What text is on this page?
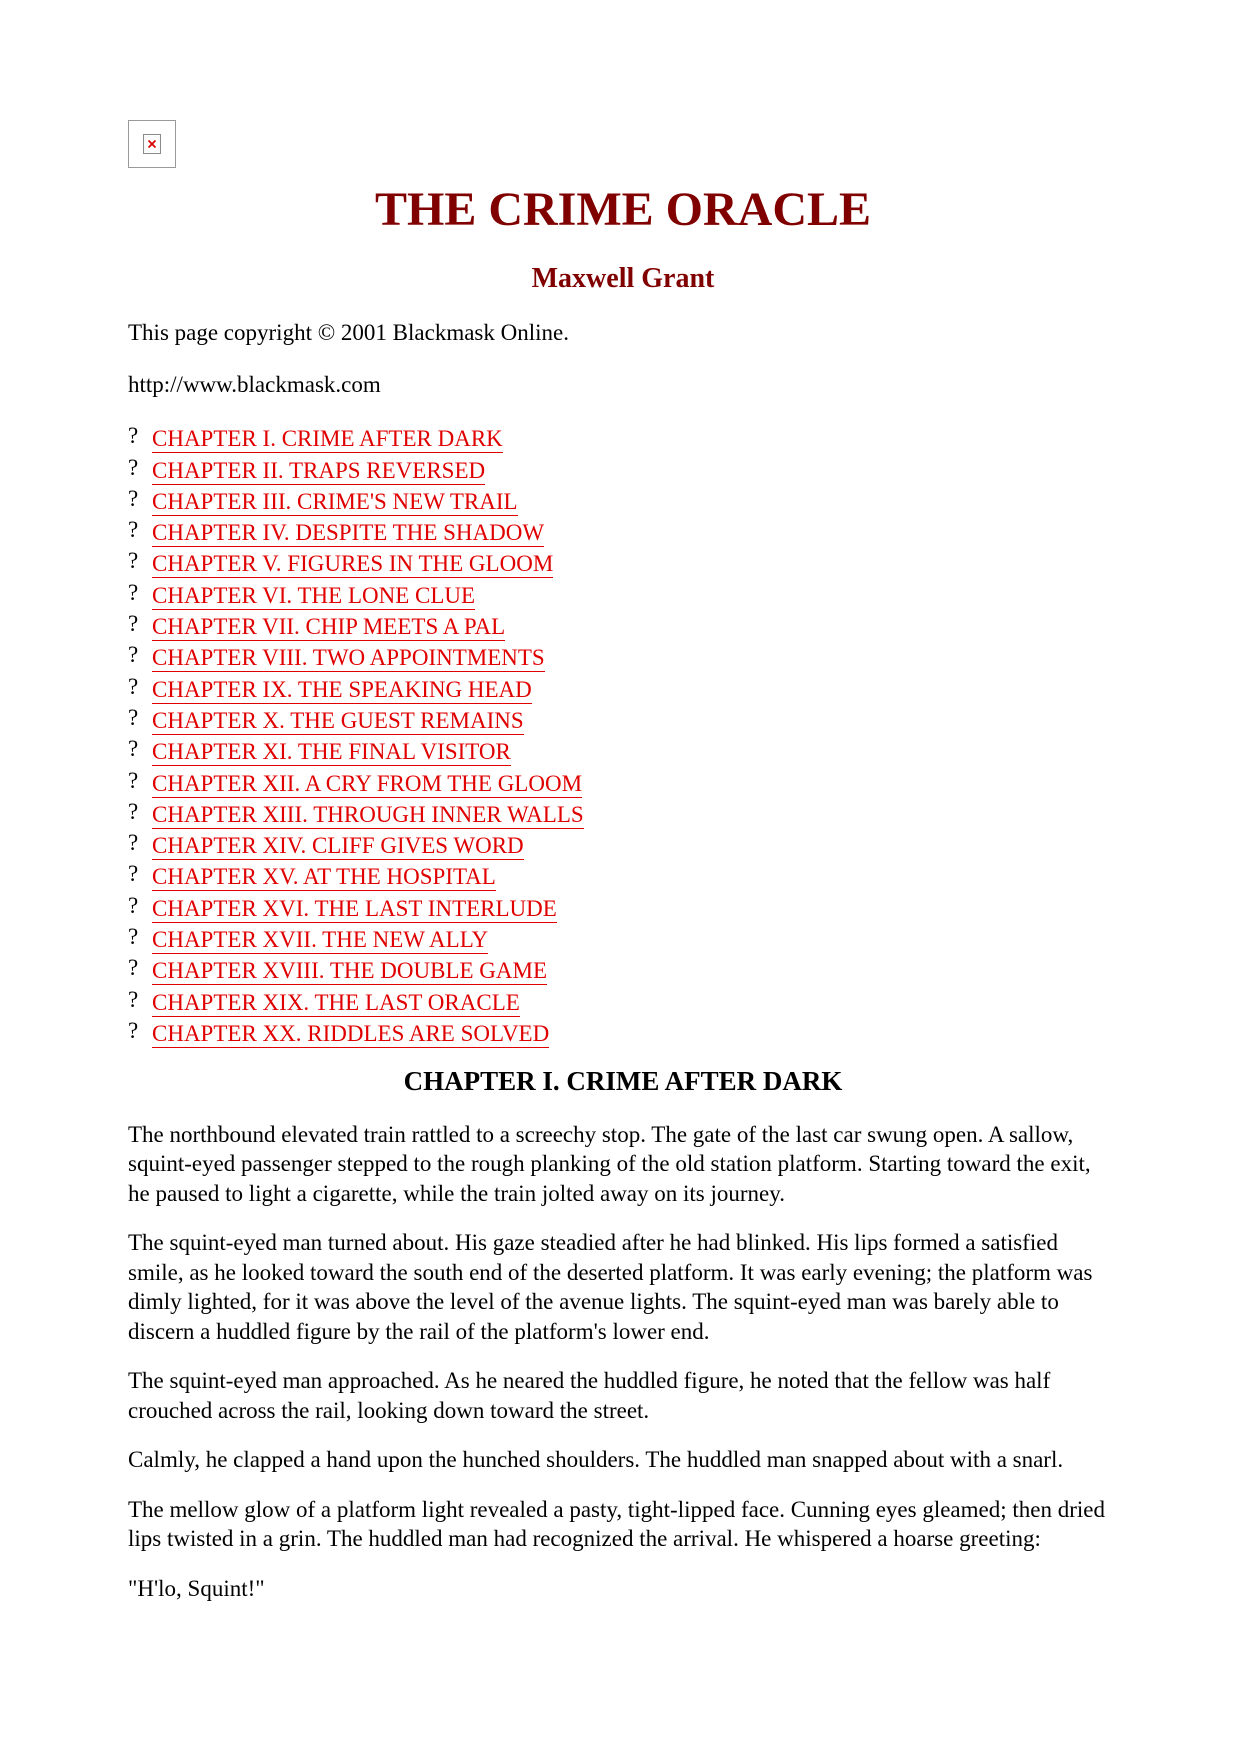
THE CRIME ORACLE
Maxwell Grant

This page copyright © 2001 Blackmask Online.

http://www.blackmask.com

? CHAPTER I. CRIME AFTER DARK
? CHAPTER II. TRAPS REVERSED
? CHAPTER III. CRIME'S NEW TRAIL
? CHAPTER IV. DESPITE THE SHADOW
? CHAPTER V. FIGURES IN THE GLOOM
? CHAPTER VI. THE LONE CLUE
? CHAPTER VII. CHIP MEETS A PAL
? CHAPTER VIII. TWO APPOINTMENTS
? CHAPTER IX. THE SPEAKING HEAD
? CHAPTER X. THE GUEST REMAINS
? CHAPTER XI. THE FINAL VISITOR
? CHAPTER XII. A CRY FROM THE GLOOM
? CHAPTER XIII. THROUGH INNER WALLS
? CHAPTER XIV. CLIFF GIVES WORD
? CHAPTER XV. AT THE HOSPITAL
? CHAPTER XVI. THE LAST INTERLUDE
? CHAPTER XVII. THE NEW ALLY
? CHAPTER XVIII. THE DOUBLE GAME
? CHAPTER XIX. THE LAST ORACLE
? CHAPTER XX. RIDDLES ARE SOLVED

CHAPTER I. CRIME AFTER DARK

The northbound elevated train rattled to a screechy stop. The gate of the last car swung open. A sallow, squint-eyed passenger stepped to the rough planking of the old station platform. Starting toward the exit, he paused to light a cigarette, while the train jolted away on its journey.

The squint-eyed man turned about. His gaze steadied after he had blinked. His lips formed a satisfied smile, as he looked toward the south end of the deserted platform. It was early evening; the platform was dimly lighted, for it was above the level of the avenue lights. The squint-eyed man was barely able to discern a huddled figure by the rail of the platform's lower end.

The squint-eyed man approached. As he neared the huddled figure, he noted that the fellow was half crouched across the rail, looking down toward the street.

Calmly, he clapped a hand upon the hunched shoulders. The huddled man snapped about with a snarl.

The mellow glow of a platform light revealed a pasty, tight-lipped face. Cunning eyes gleamed; then dried lips twisted in a grin. The huddled man had recognized the arrival. He whispered a hoarse greeting:

"H'lo, Squint!"
